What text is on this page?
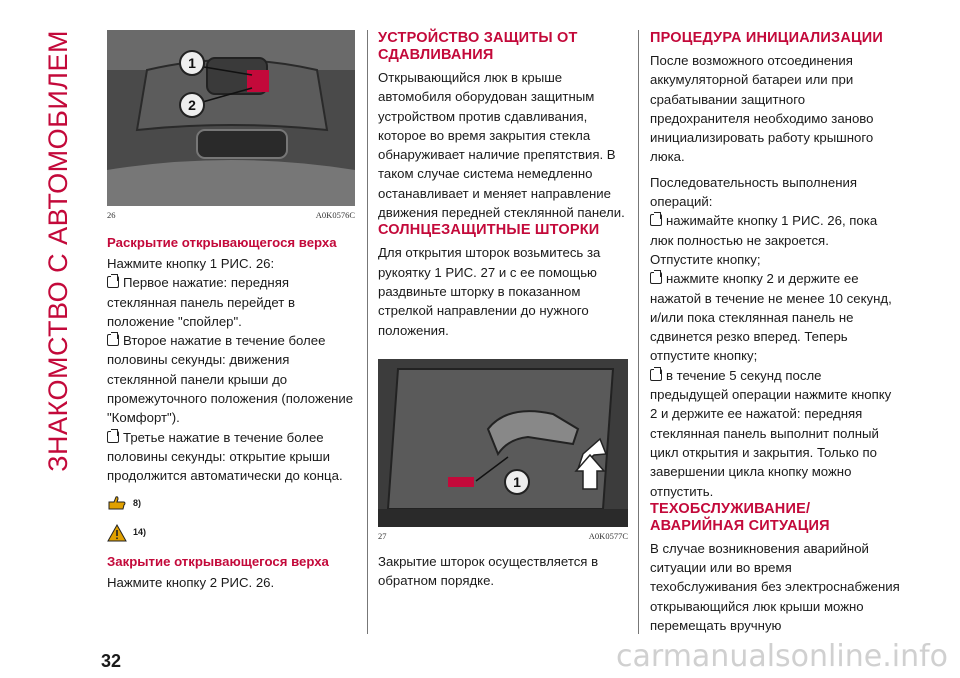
ЗНАКОМСТВО С АВТОМОБИЛЕМ	1
2
26	A0K0576C
Раскрытие открывающегося верха

Нажмите кнопку 1 РИС. 26:

Первое нажатие: передняя стеклянная панель перейдет в положение "спойлер".

Второе нажатие в течение более половины секунды: движения стеклянной панели крыши до промежуточного положения (положение "Комфорт").

Третье нажатие в течение более половины секунды: открытие крыши продолжится автоматически до конца.

8)
14)
Закрытие открывающегося верха

Нажмите кнопку 2 РИС. 26.

УСТРОЙСТВО ЗАЩИТЫ ОТ СДАВЛИВАНИЯ

Открывающийся люк в крыше автомобиля оборудован защитным устройством против сдавливания, которое во время закрытия стекла обнаруживает наличие препятствия. В таком случае система немедленно останавливает и меняет направление движения передней стеклянной панели.

СОЛНЦЕЗАЩИТНЫЕ ШТОРКИ

Для открытия шторок возьмитесь за рукоятку 1 РИС. 27 и с ее помощью раздвиньте шторку в показанном стрелкой направлении до нужного положения.

1
27	A0K0577C

Закрытие шторок осуществляется в обратном порядке.

ПРОЦЕДУРА ИНИЦИАЛИЗАЦИИ

После возможного отсоединения аккумуляторной батареи или при срабатывании защитного предохранителя необходимо заново инициализировать работу крышного люка.

Последовательность выполнения операций:

нажимайте кнопку 1 РИС. 26, пока люк полностью не закроется.

Отпустите кнопку;

нажмите кнопку 2 и держите ее нажатой в течение не менее 10 секунд, и/или пока стеклянная панель не сдвинется резко вперед. Теперь отпустите кнопку;

в течение 5 секунд после предыдущей операции нажмите кнопку 2 и держите ее нажатой: передняя стеклянная панель выполнит полный цикл открытия и закрытия. Только по завершении цикла кнопку можно отпустить.

ТЕХОБСЛУЖИВАНИЕ/ АВАРИЙНАЯ СИТУАЦИЯ

В случае возникновения аварийной ситуации или во время техобслуживания без электроснабжения открывающийся люк крыши можно перемещать вручную

32	carmanualsonline.info
